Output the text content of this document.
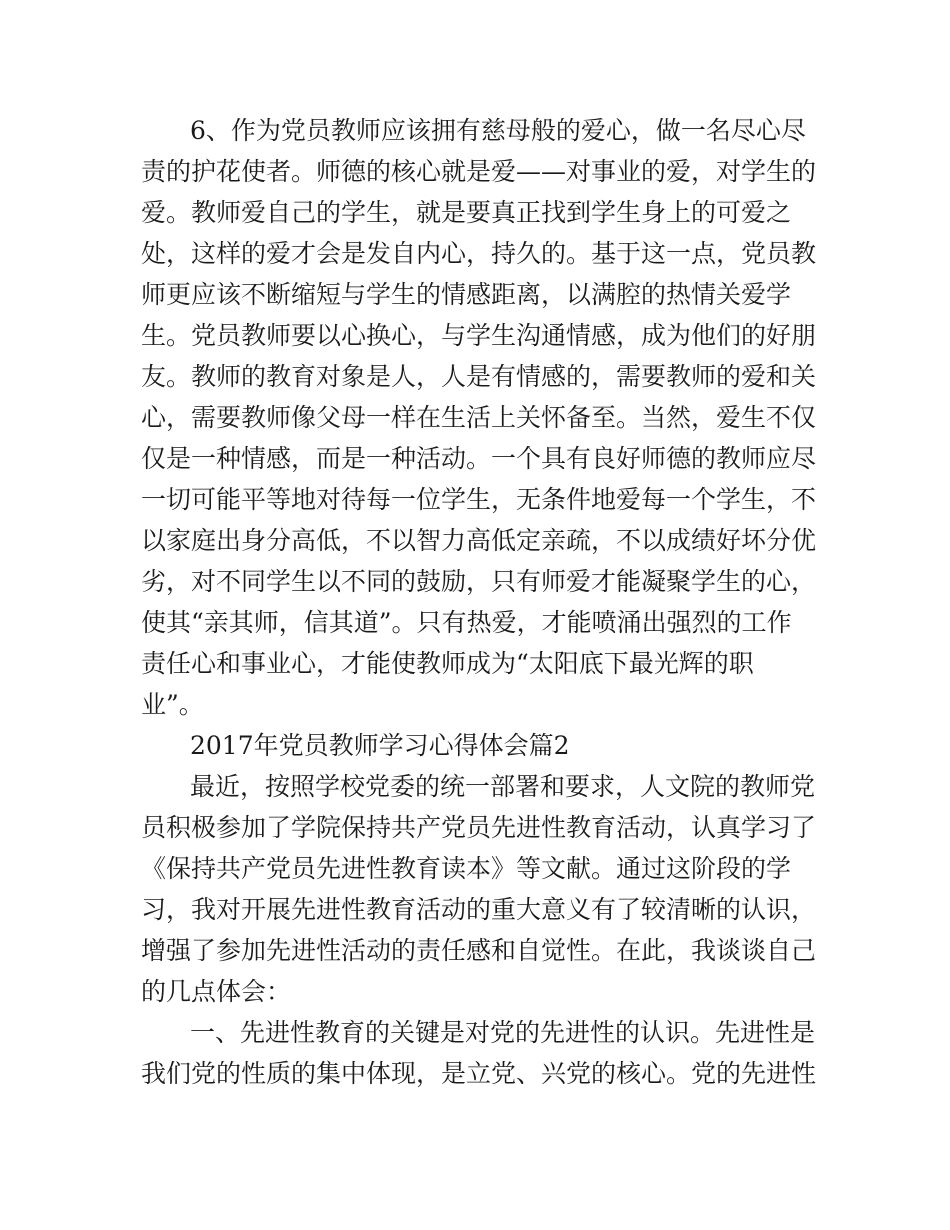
6、作为党员教师应该拥有慈母般的爱心，做一名尽心尽

责的护花使者。师德的核心就是爱——对事业的爱，对学生的

爱。教师爱自己的学生，就是要真正找到学生身上的可爱之

处，这样的爱才会是发自内心，持久的。基于这一点，党员教

师更应该不断缩短与学生的情感距离，以满腔的热情关爱学

生。党员教师要以心换心，与学生沟通情感，成为他们的好朋

友。教师的教育对象是人，人是有情感的，需要教师的爱和关

心，需要教师像父母一样在生活上关怀备至。当然，爱生不仅

仅是一种情感，而是一种活动。一个具有良好师德的教师应尽

一切可能平等地对待每一位学生，无条件地爱每一个学生，不

以家庭出身分高低，不以智力高低定亲疏，不以成绩好坏分优

劣，对不同学生以不同的鼓励，只有师爱才能凝聚学生的心，

使其“亲其师，信其道”。只有热爱，才能喷涌出强烈的工作

责任心和事业心，才能使教师成为“太阳底下最光辉的职

业”。

2017年党员教师学习心得体会篇2

最近，按照学校党委的统一部署和要求，人文院的教师党

员积极参加了学院保持共产党员先进性教育活动，认真学习了

《保持共产党员先进性教育读本》等文献。通过这阶段的学

习，我对开展先进性教育活动的重大意义有了较清晰的认识，

增强了参加先进性活动的责任感和自觉性。在此，我谈谈自己

的几点体会：

一、先进性教育的关键是对党的先进性的认识。先进性是

我们党的性质的集中体现，是立党、兴党的核心。党的先进性
